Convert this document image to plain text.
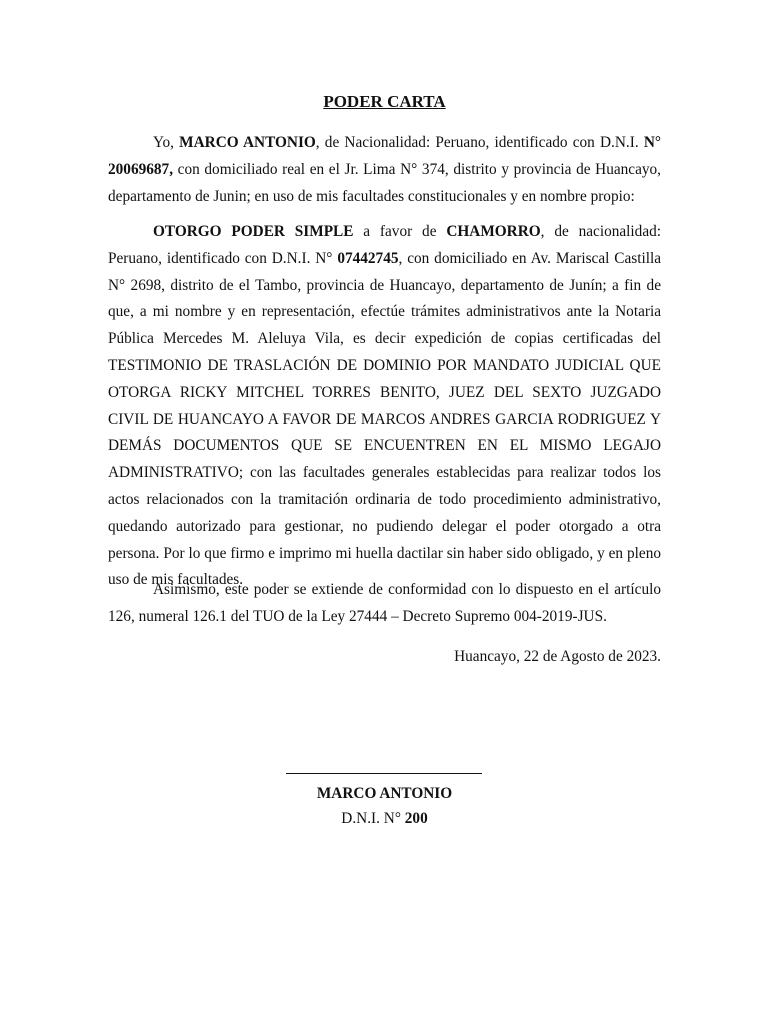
PODER CARTA

Yo, MARCO ANTONIO, de Nacionalidad: Peruano, identificado con D.N.I. N° 20069687, con domiciliado real en el Jr. Lima N° 374, distrito y provincia de Huancayo, departamento de Junin; en uso de mis facultades constitucionales y en nombre propio:

OTORGO PODER SIMPLE a favor de CHAMORRO, de nacionalidad: Peruano, identificado con D.N.I. N° 07442745, con domiciliado en Av. Mariscal Castilla N° 2698, distrito de el Tambo, provincia de Huancayo, departamento de Junín; a fin de que, a mi nombre y en representación, efectúe trámites administrativos ante la Notaria Pública Mercedes M. Aleluya Vila, es decir expedición de copias certificadas del TESTIMONIO DE TRASLACIÓN DE DOMINIO POR MANDATO JUDICIAL QUE OTORGA RICKY MITCHEL TORRES BENITO, JUEZ DEL SEXTO JUZGADO CIVIL DE HUANCAYO A FAVOR DE MARCOS ANDRES GARCIA RODRIGUEZ Y DEMÁS DOCUMENTOS QUE SE ENCUENTREN EN EL MISMO LEGAJO ADMINISTRATIVO; con las facultades generales establecidas para realizar todos los actos relacionados con la tramitación ordinaria de todo procedimiento administrativo, quedando autorizado para gestionar, no pudiendo delegar el poder otorgado a otra persona. Por lo que firmo e imprimo mi huella dactilar sin haber sido obligado, y en pleno uso de mis facultades.

Asimismo, este poder se extiende de conformidad con lo dispuesto en el artículo 126, numeral 126.1 del TUO de la Ley 27444 – Decreto Supremo 004-2019-JUS.

Huancayo, 22 de Agosto de 2023.

MARCO ANTONIO
D.N.I. N° 200
